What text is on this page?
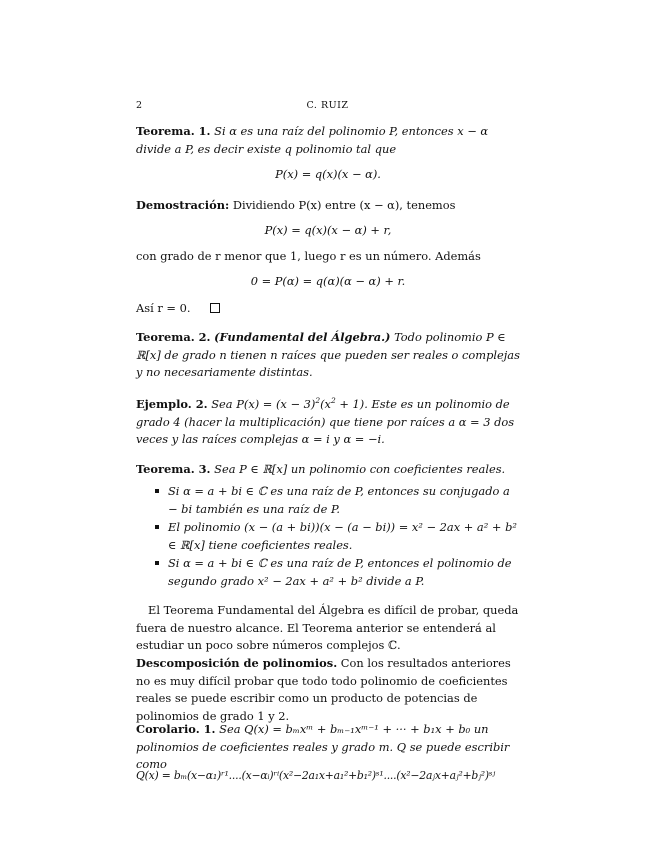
2	C. RUIZ
Teorema. 1. Si α es una raíz del polinomio P, entonces x − α divide a P, es decir existe q polinomio tal que
P(x) = q(x)(x − α).
Demostración: Dividiendo P(x) entre (x − α), tenemos
P(x) = q(x)(x − α) + r,
con grado de r menor que 1, luego r es un número. Además
0 = P(α) = q(α)(α − α) + r.
Así r = 0.
Teorema. 2. (Fundamental del Álgebra.) Todo polinomio P ∈ ℝ[x] de grado n tienen n raíces que pueden ser reales o complejas y no necesariamente distintas.
Ejemplo. 2. Sea $P(x) = (x - 3)^2(x^2 + 1)$. Este es un polinomio de grado 4 (hacer la multiplicación) que tiene por raíces a α = 3 dos veces y las raíces complejas α = i y α = −i.
Teorema. 3. Sea P ∈ ℝ[x] un polinomio con coeficientes reales.
Si α = a + bi ∈ ℂ es una raíz de P, entonces su conjugado a − bi también es una raíz de P.
El polinomio (x − (a + bi))(x − (a − bi)) = x² − 2ax + a² + b² ∈ ℝ[x] tiene coeficientes reales.
Si α = a + bi ∈ ℂ es una raíz de P, entonces el polinomio de segundo grado x² − 2ax + a² + b² divide a P.
El Teorema Fundamental del Álgebra es difícil de probar, queda fuera de nuestro alcance. El Teorema anterior se entenderá al estudiar un poco sobre números complejos ℂ.
Descomposición de polinomios. Con los resultados anteriores no es muy difícil probar que todo todo polinomio de coeficientes reales se puede escribir como un producto de potencias de polinomios de grado 1 y 2.
Corolario. 1. Sea Q(x) = bₘxᵐ + bₘ₋₁xᵐ⁻¹ + ··· + b₁x + b₀ un polinomios de coeficientes reales y grado m. Q se puede escribir como
Q(x) = bₘ(x−α₁)ʳ¹....(x−αᵢ)ʳⁱ(x²−2a₁x+a₁²+b₁²)ˢ¹....(x²−2aⱼx+aⱼ²+bⱼ²)ˢʲ
